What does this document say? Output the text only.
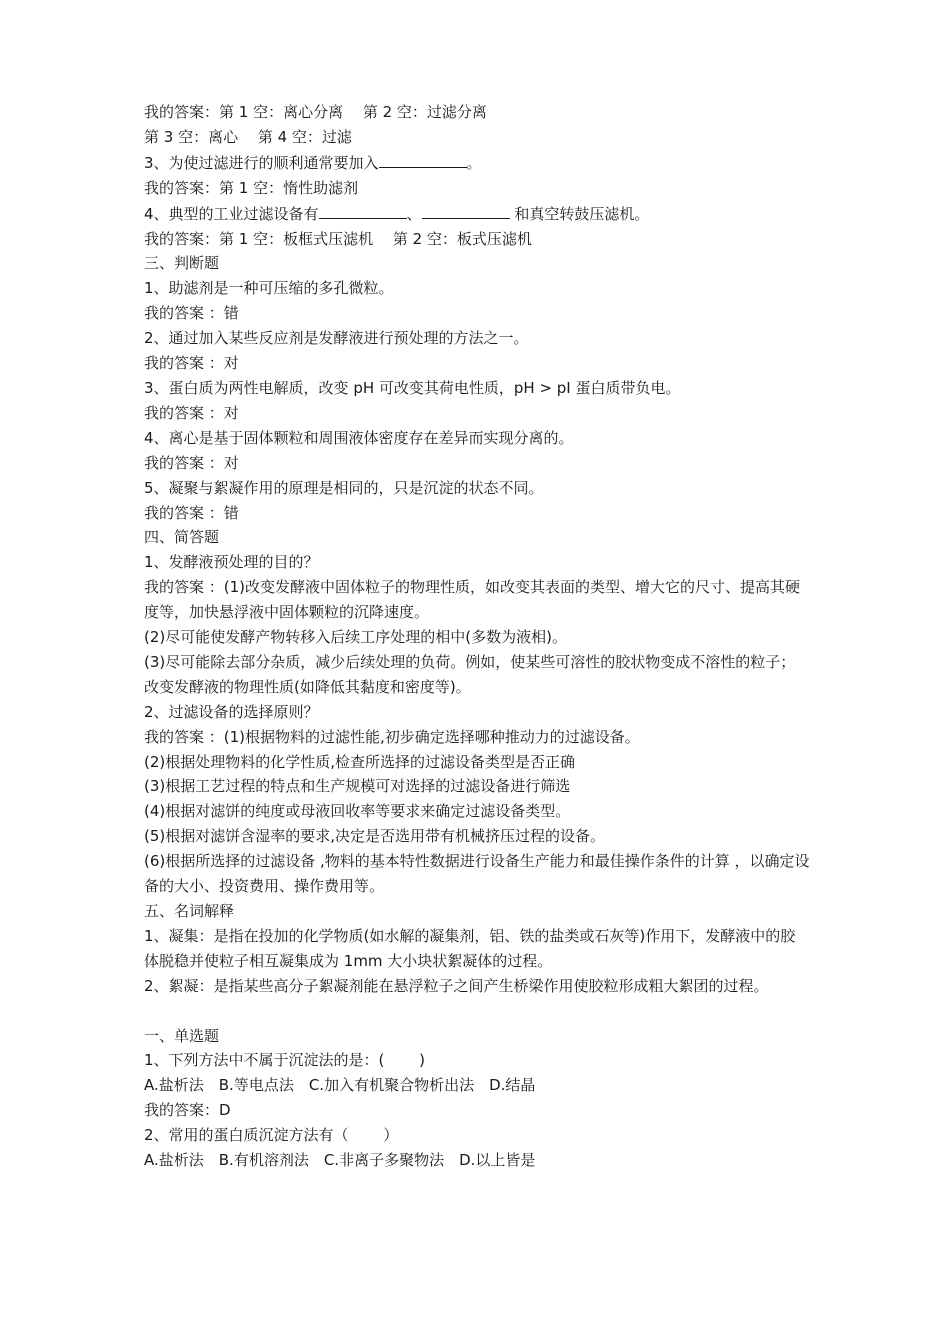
我的答案：第 1 空：离心分离　 第 2 空：过滤分离
第 3 空：离心　 第 4 空：过滤
3、为使过滤进行的顺利通常要加入	。
我的答案：第 1 空：惰性助滤剂
4、典型的工业过滤设备有	、	和真空转鼓压滤机。
我的答案：第 1 空：板框式压滤机　 第 2 空：板式压滤机
三、判断题
1、助滤剂是一种可压缩的多孔微粒。
我的答案 ：错
2、通过加入某些反应剂是发酵液进行预处理的方法之一。
我的答案 ：对
3、蛋白质为两性电解质，改变 pH 可改变其荷电性质，pH > pI 蛋白质带负电。
我的答案 ：对
4、离心是基于固体颗粒和周围液体密度存在差异而实现分离的。
我的答案 ：对
5、凝聚与絮凝作用的原理是相同的，只是沉淀的状态不同。
我的答案 ：错
四、简答题
1、发酵液预处理的目的？
我的答案 ：(1)改变发酵液中固体粒子的物理性质，如改变其表面的类型、增大它的尺寸、提高其硬度等，加快悬浮液中固体颗粒的沉降速度。
(2)尽可能使发酵产物转移入后续工序处理的相中(多数为液相)。
(3)尽可能除去部分杂质，减少后续处理的负荷。例如，使某些可溶性的胶状物变成不溶性的粒子；改变发酵液的物理性质(如降低其黏度和密度等)。
2、过滤设备的选择原则？
我的答案 ：(1)根据物料的过滤性能,初步确定选择哪种推动力的过滤设备。
(2)根据处理物料的化学性质,检查所选择的过滤设备类型是否正确
(3)根据工艺过程的特点和生产规模可对选择的过滤设备进行筛选
(4)根据对滤饼的纯度或母液回收率等要求来确定过滤设备类型。
(5)根据对滤饼含湿率的要求,决定是否选用带有机械挤压过程的设备。
(6)根据所选择的过滤设备 ,物料的基本特性数据进行设备生产能力和最佳操作条件的计算 ，以确定设备的大小、投资费用、操作费用等。
五、名词解释
1、凝集：是指在投加的化学物质(如水解的凝集剂，铝、铁的盐类或石灰等)作用下，发酵液中的胶体脱稳并使粒子相互凝集成为 1mm 大小块状絮凝体的过程。
2、絮凝：是指某些高分子絮凝剂能在悬浮粒子之间产生桥梁作用使胶粒形成粗大絮团的过程。
一、单选题
1、下列方法中不属于沉淀法的是：(　　 )
A.盐析法　B.等电点法　C.加入有机聚合物析出法　D.结晶
我的答案：D
2、常用的蛋白质沉淀方法有（　　 ）
A.盐析法　B.有机溶剂法　C.非离子多聚物法　D.以上皆是
